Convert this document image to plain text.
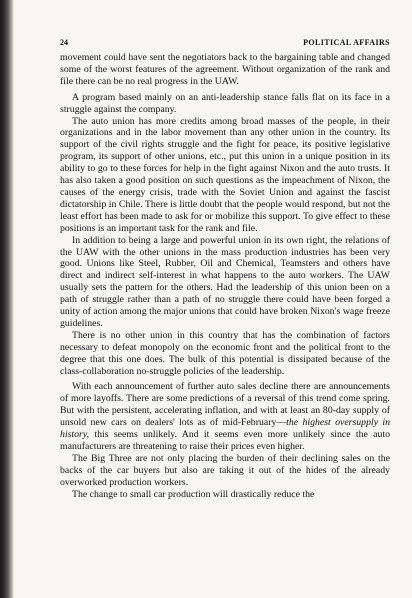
24	POLITICAL AFFAIRS

movement could have sent the negotiators back to the bargaining table and changed some of the worst features of the agreement. Without organization of the rank and file there can be no real progress in the UAW.

A program based mainly on an anti-leadership stance falls flat on its face in a struggle against the company.

The auto union has more credits among broad masses of the people, in their organizations and in the labor movement than any other union in the country. Its support of the civil rights struggle and the fight for peace, its positive legislative program, its support of other unions, etc., put this union in a unique position in its ability to go to these forces for help in the fight against Nixon and the auto trusts. It has also taken a good position on such questions as the impeachment of Nixon, the causes of the energy crisis, trade with the Soviet Union and against the fascist dictatorship in Chile. There is little doubt that the people would respond, but not the least effort has been made to ask for or mobilize this support. To give effect to these positions is an important task for the rank and file.

In addition to being a large and powerful union in its own right, the relations of the UAW with the other unions in the mass production industries has been very good. Unions like Steel, Rubber, Oil and Chemical, Teamsters and others have direct and indirect self-interest in what happens to the auto workers. The UAW usually sets the pattern for the others. Had the leadership of this union been on a path of struggle rather than a path of no struggle there could have been forged a unity of action among the major unions that could have broken Nixon's wage freeze guidelines.

There is no other union in this country that has the combination of factors necessary to defeat monopoly on the economic front and the political front to the degree that this one does. The bulk of this potential is dissipated because of the class-collaboration no-struggle policies of the leadership.

With each announcement of further auto sales decline there are announcements of more layoffs. There are some predictions of a reversal of this trend come spring. But with the persistent, accelerating inflation, and with at least an 80-day supply of unsold new cars on dealers' lots as of mid-February—the highest oversupply in history, this seems unlikely. And it seems even more unlikely since the auto manufacturers are threatening to raise their prices even higher.

The Big Three are not only placing the burden of their declining sales on the backs of the car buyers but also are taking it out of the hides of the already overworked production workers.

The change to small car production will drastically reduce the
